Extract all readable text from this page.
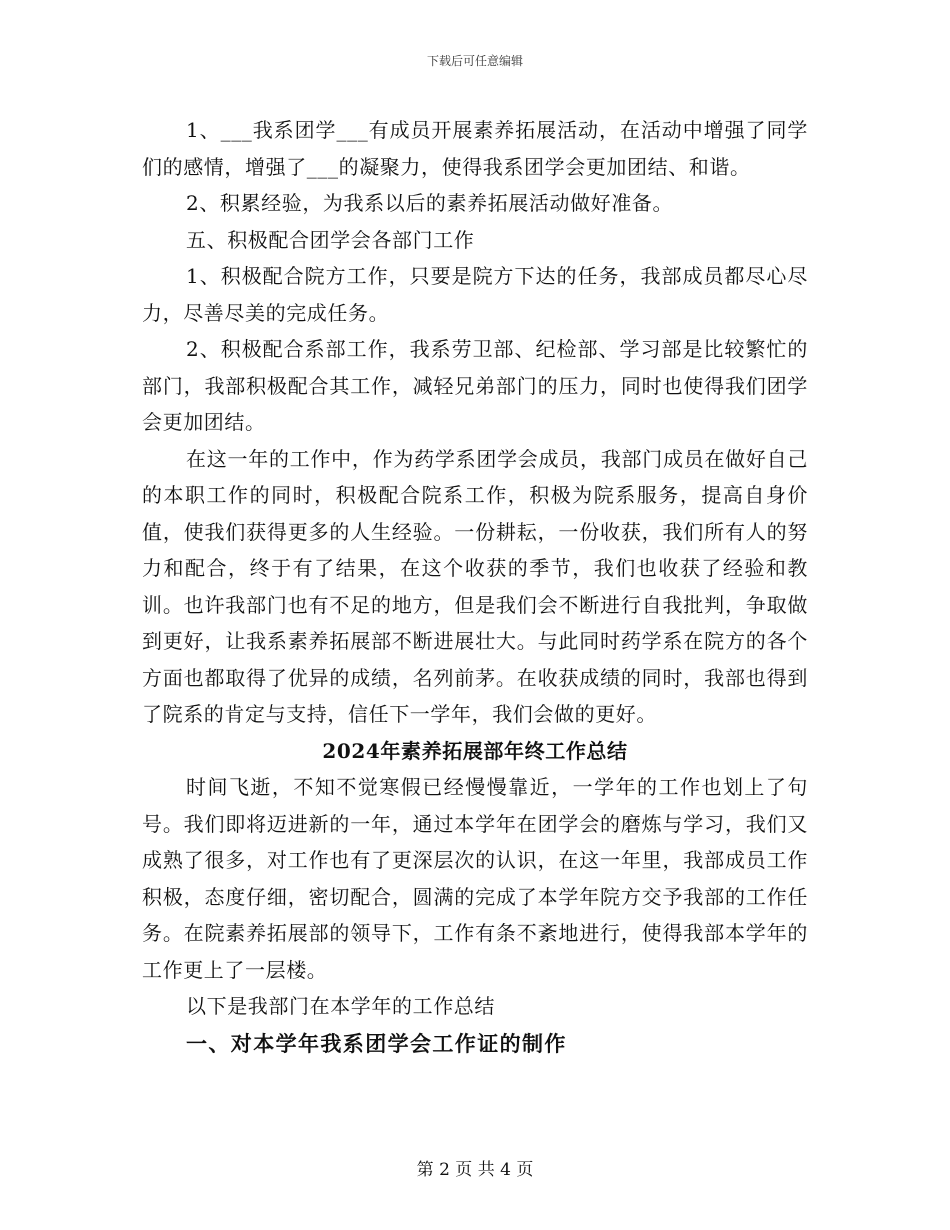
下载后可任意编辑

1、___我系团学___有成员开展素养拓展活动，在活动中增强了同学们的感情，增强了___的凝聚力，使得我系团学会更加团结、和谐。

2、积累经验，为我系以后的素养拓展活动做好准备。

五、积极配合团学会各部门工作

1、积极配合院方工作，只要是院方下达的任务，我部成员都尽心尽力，尽善尽美的完成任务。

2、积极配合系部工作，我系劳卫部、纪检部、学习部是比较繁忙的部门，我部积极配合其工作，减轻兄弟部门的压力，同时也使得我们团学会更加团结。

在这一年的工作中，作为药学系团学会成员，我部门成员在做好自己的本职工作的同时，积极配合院系工作，积极为院系服务，提高自身价值，使我们获得更多的人生经验。一份耕耘，一份收获，我们所有人的努力和配合，终于有了结果，在这个收获的季节，我们也收获了经验和教训。也许我部门也有不足的地方，但是我们会不断进行自我批判，争取做到更好，让我系素养拓展部不断进展壮大。与此同时药学系在院方的各个方面也都取得了优异的成绩，名列前茅。在收获成绩的同时，我部也得到了院系的肯定与支持，信任下一学年，我们会做的更好。

2024年素养拓展部年终工作总结

时间飞逝，不知不觉寒假已经慢慢靠近，一学年的工作也划上了句号。我们即将迈进新的一年，通过本学年在团学会的磨炼与学习，我们又成熟了很多，对工作也有了更深层次的认识，在这一年里，我部成员工作积极，态度仔细，密切配合，圆满的完成了本学年院方交予我部的工作任务。在院素养拓展部的领导下，工作有条不紊地进行，使得我部本学年的工作更上了一层楼。

以下是我部门在本学年的工作总结

一、对本学年我系团学会工作证的制作

第 2 页 共 4 页
